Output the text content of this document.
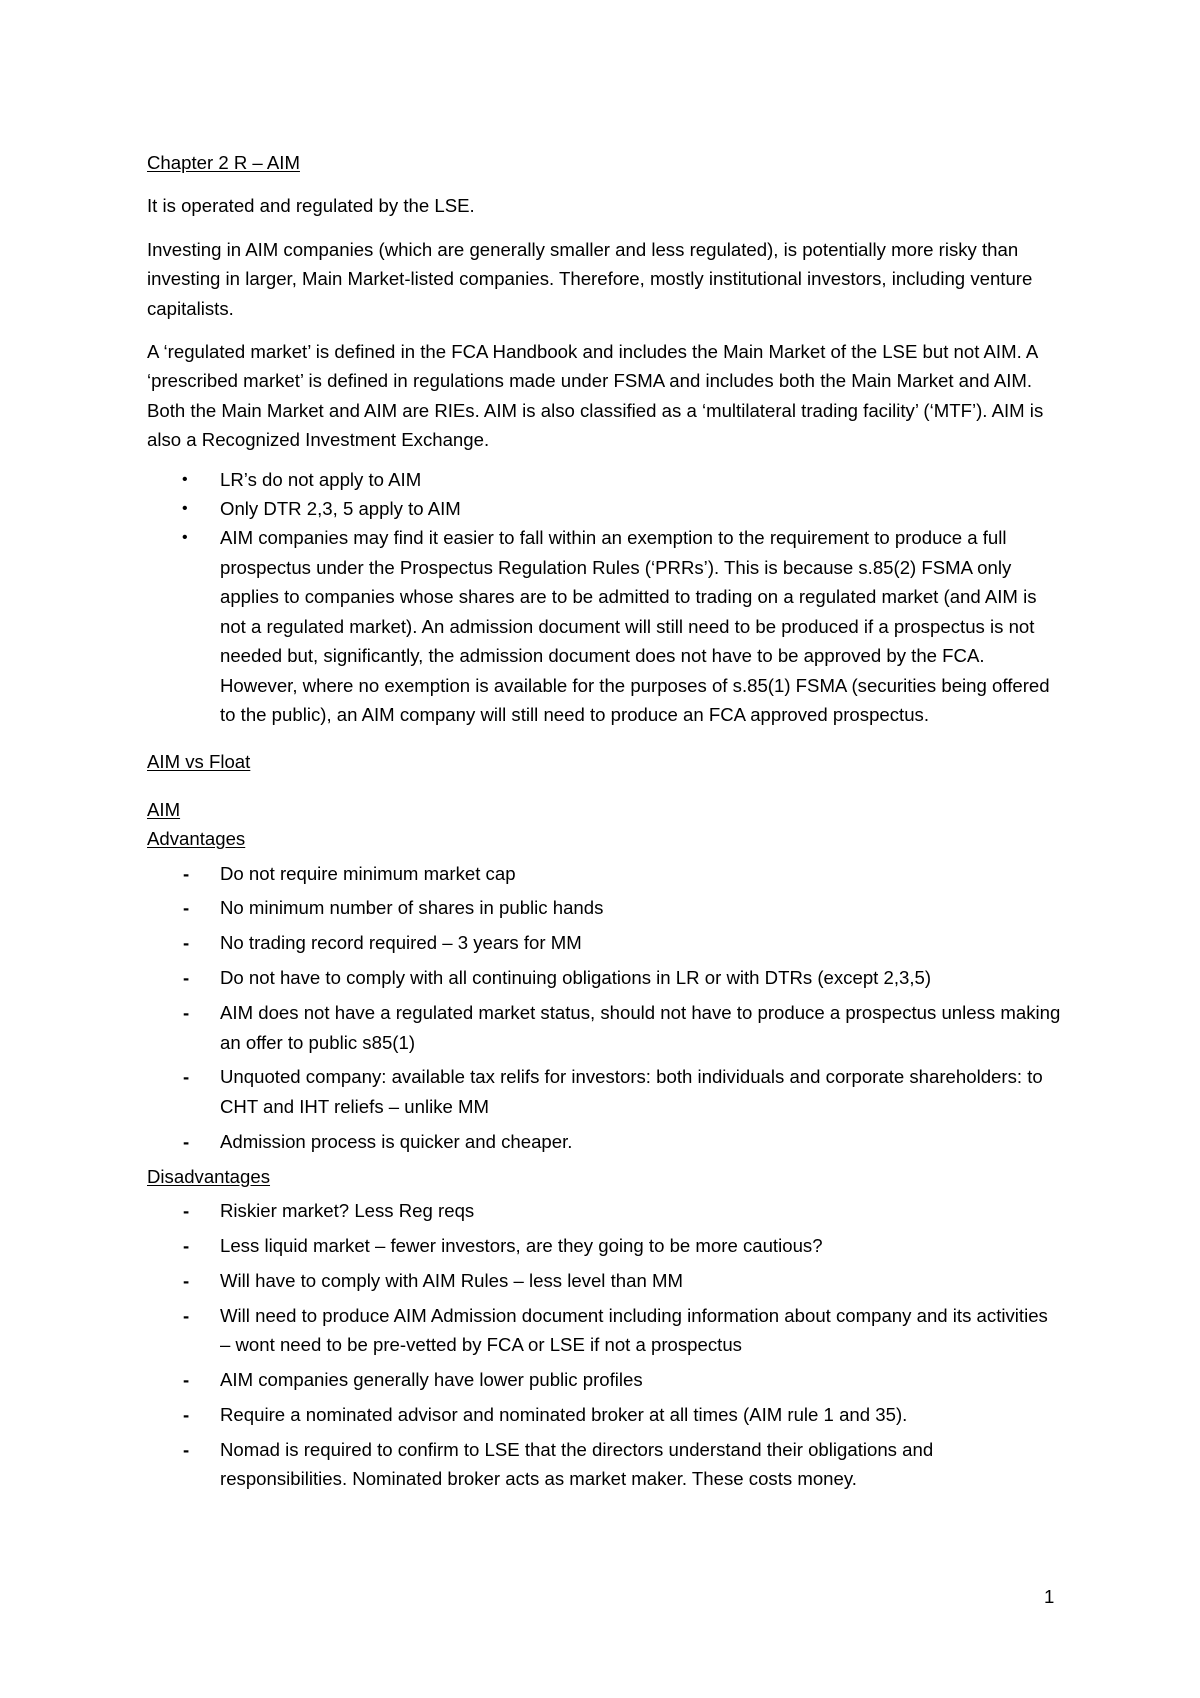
Chapter 2 R – AIM

It is operated and regulated by the LSE.

Investing in AIM companies (which are generally smaller and less regulated), is potentially more risky than investing in larger, Main Market-listed companies. Therefore, mostly institutional investors, including venture capitalists.

A ‘regulated market’ is defined in the FCA Handbook and includes the Main Market of the LSE but not AIM. A ‘prescribed market’ is defined in regulations made under FSMA and includes both the Main Market and AIM. Both the Main Market and AIM are RIEs. AIM is also classified as a ‘multilateral trading facility’ (‘MTF’). AIM is also a Recognized Investment Exchange.

• LR’s do not apply to AIM
• Only DTR 2,3, 5 apply to AIM
• AIM companies may find it easier to fall within an exemption to the requirement to produce a full prospectus under the Prospectus Regulation Rules (‘PRRs’). This is because s.85(2) FSMA only applies to companies whose shares are to be admitted to trading on a regulated market (and AIM is not a regulated market). An admission document will still need to be produced if a prospectus is not needed but, significantly, the admission document does not have to be approved by the FCA. However, where no exemption is available for the purposes of s.85(1) FSMA (securities being offered to the public), an AIM company will still need to produce an FCA approved prospectus.

AIM vs Float

AIM

Advantages

- Do not require minimum market cap
- No minimum number of shares in public hands
- No trading record required – 3 years for MM
- Do not have to comply with all continuing obligations in LR or with DTRs (except 2,3,5)
- AIM does not have a regulated market status, should not have to produce a prospectus unless making an offer to public s85(1)
- Unquoted company: available tax relifs for investors: both individuals and corporate shareholders: to CHT and IHT reliefs – unlike MM
- Admission process is quicker and cheaper.

Disadvantages

- Riskier market? Less Reg reqs
- Less liquid market – fewer investors, are they going to be more cautious?
- Will have to comply with AIM Rules – less level than MM
- Will need to produce AIM Admission document including information about company and its activities – wont need to be pre-vetted by FCA or LSE if not a prospectus
- AIM companies generally have lower public profiles
- Require a nominated advisor and nominated broker at all times (AIM rule 1 and 35).
- Nomad is required to confirm to LSE that the directors understand their obligations and responsibilities. Nominated broker acts as market maker. These costs money.
1
